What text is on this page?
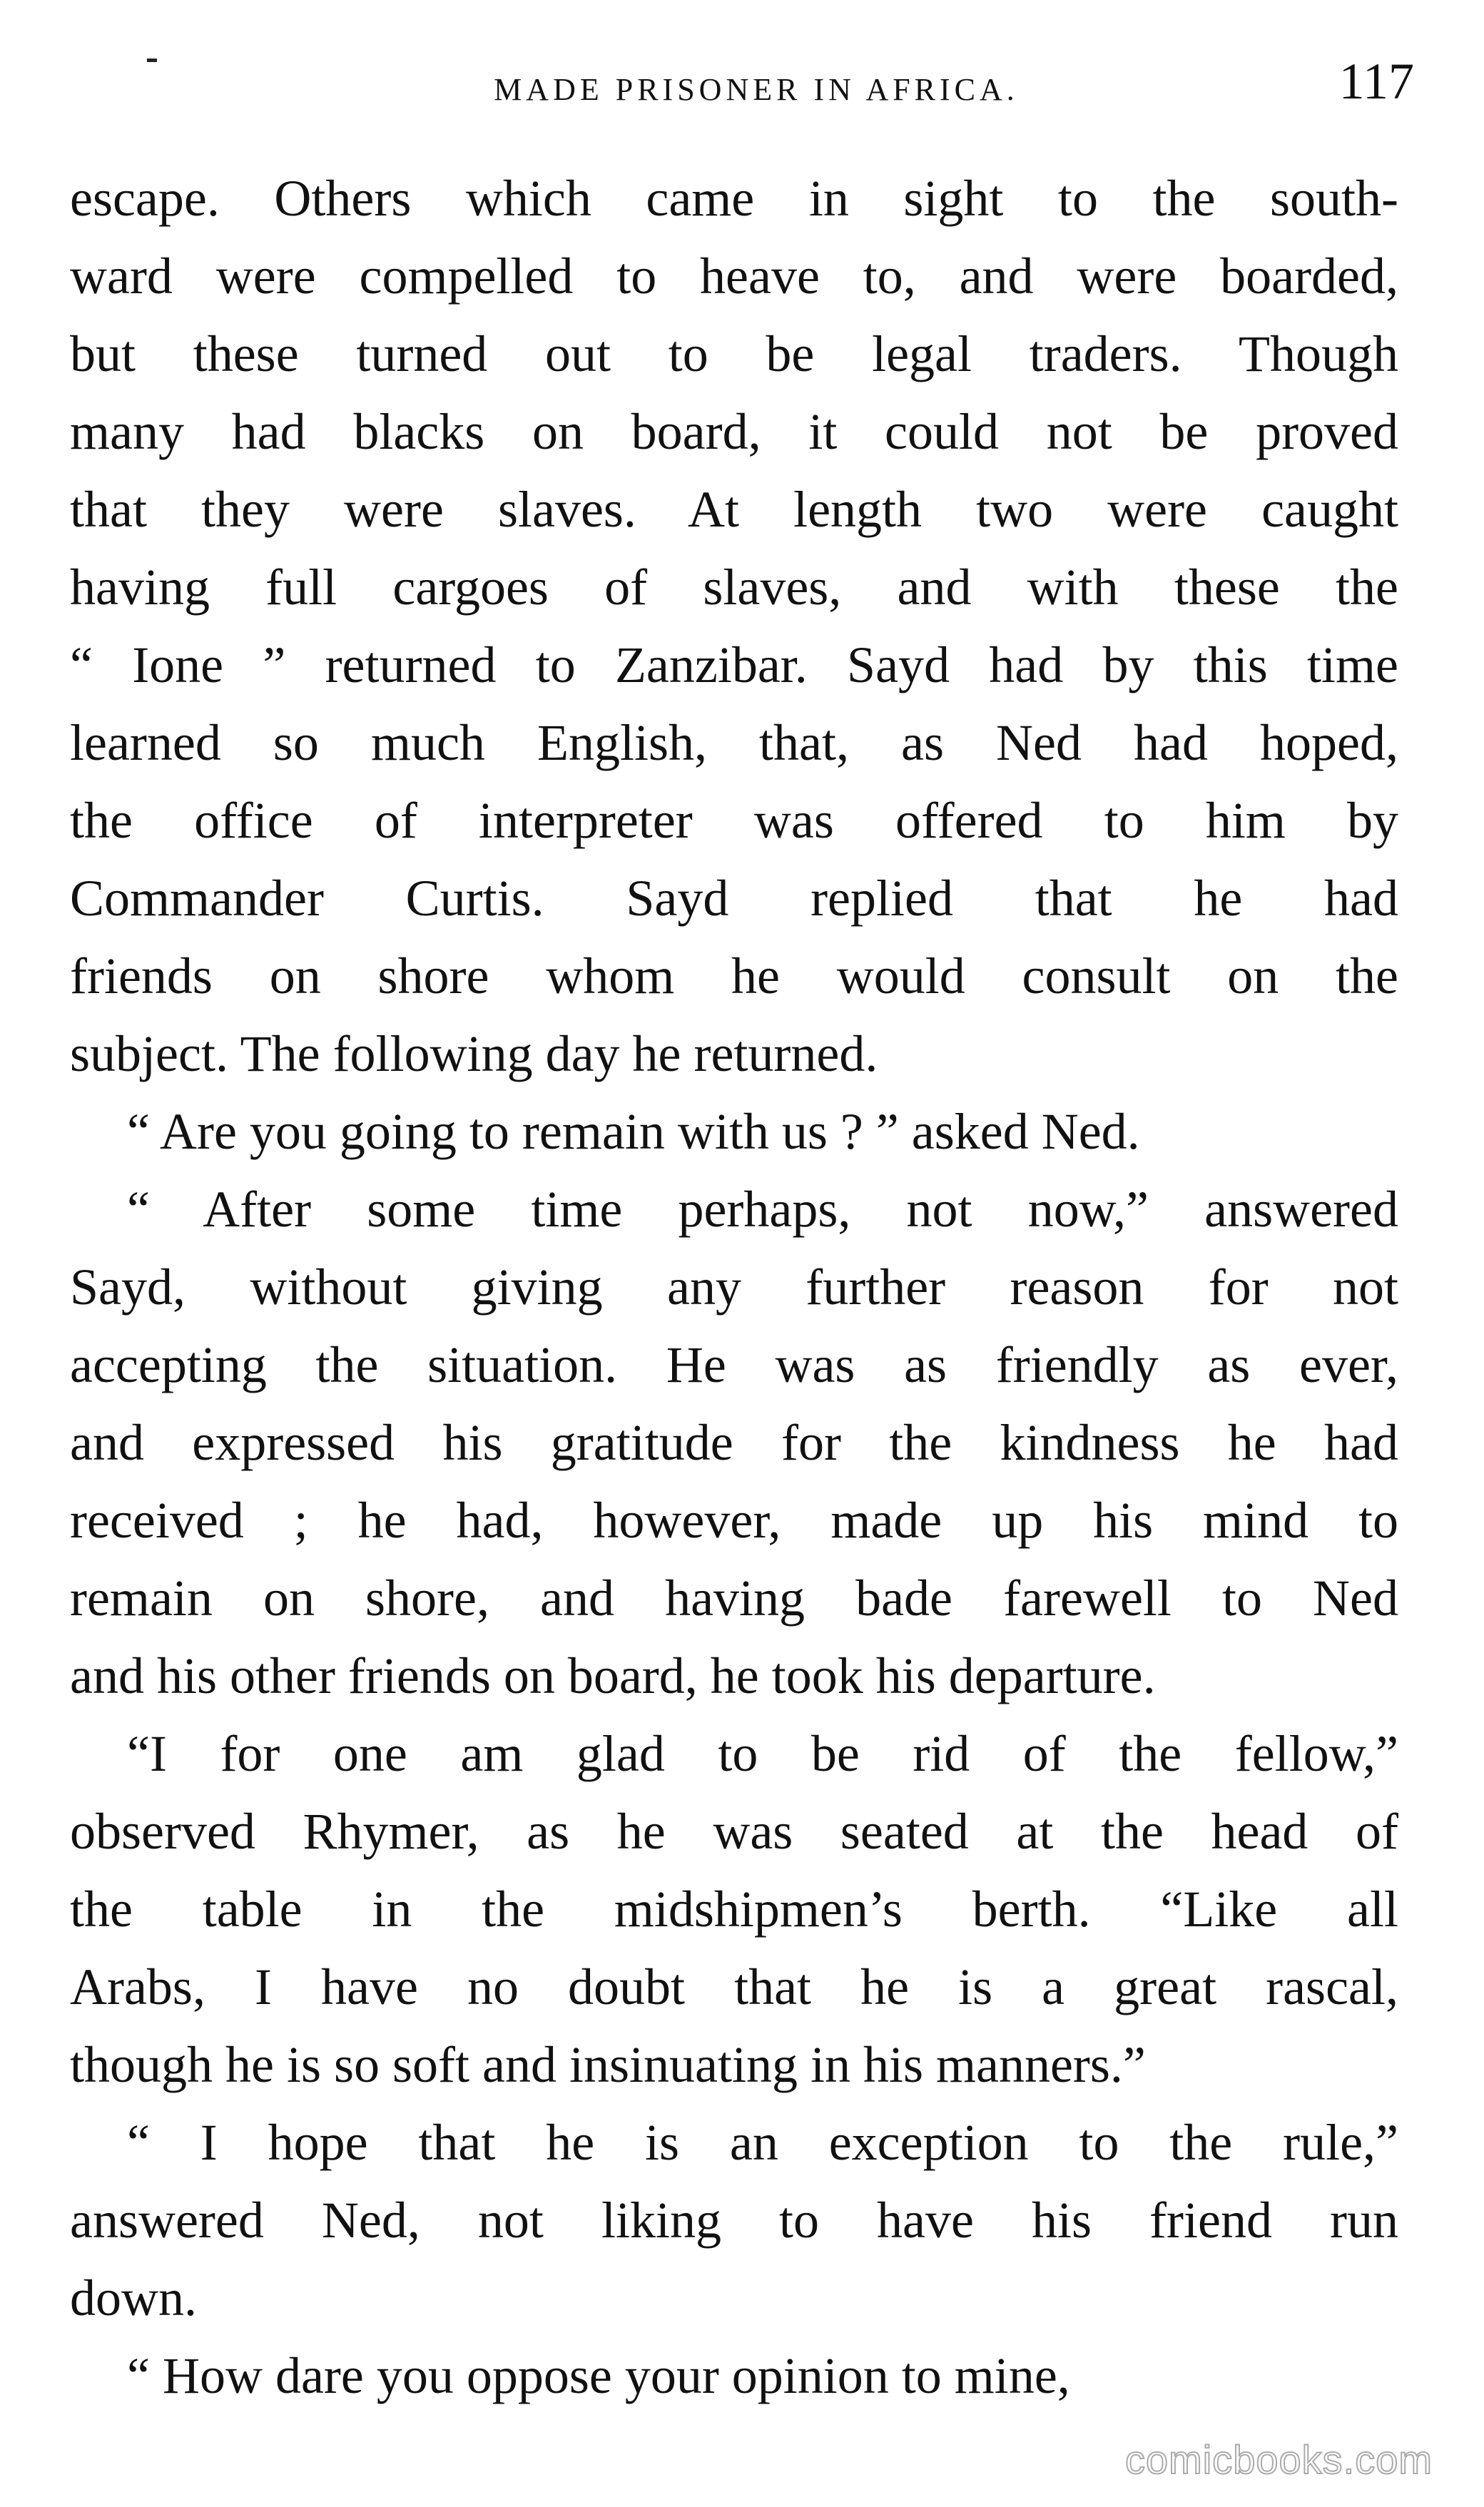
MADE PRISONER IN AFRICA.	117
escape. Others which came in sight to the south-
ward were compelled to heave to, and were boarded,
but these turned out to be legal traders. Though
many had blacks on board, it could not be proved
that they were slaves. At length two were caught
having full cargoes of slaves, and with these the
“ Ione ” returned to Zanzibar. Sayd had by this time
learned so much English, that, as Ned had hoped,
the office of interpreter was offered to him by
Commander Curtis. Sayd replied that he had
friends on shore whom he would consult on the
subject. The following day he returned.
“ Are you going to remain with us ? ” asked Ned.
“ After some time perhaps, not now,” answered
Sayd, without giving any further reason for not
accepting the situation. He was as friendly as ever,
and expressed his gratitude for the kindness he had
received ; he had, however, made up his mind to
remain on shore, and having bade farewell to Ned
and his other friends on board, he took his departure.
“I for one am glad to be rid of the fellow,”
observed Rhymer, as he was seated at the head of
the table in the midshipmen’s berth. “Like all
Arabs, I have no doubt that he is a great rascal,
though he is so soft and insinuating in his manners.”
“ I hope that he is an exception to the rule,”
answered Ned, not liking to have his friend run
down.
“ How dare you oppose your opinion to mine,
comicbooks.com
